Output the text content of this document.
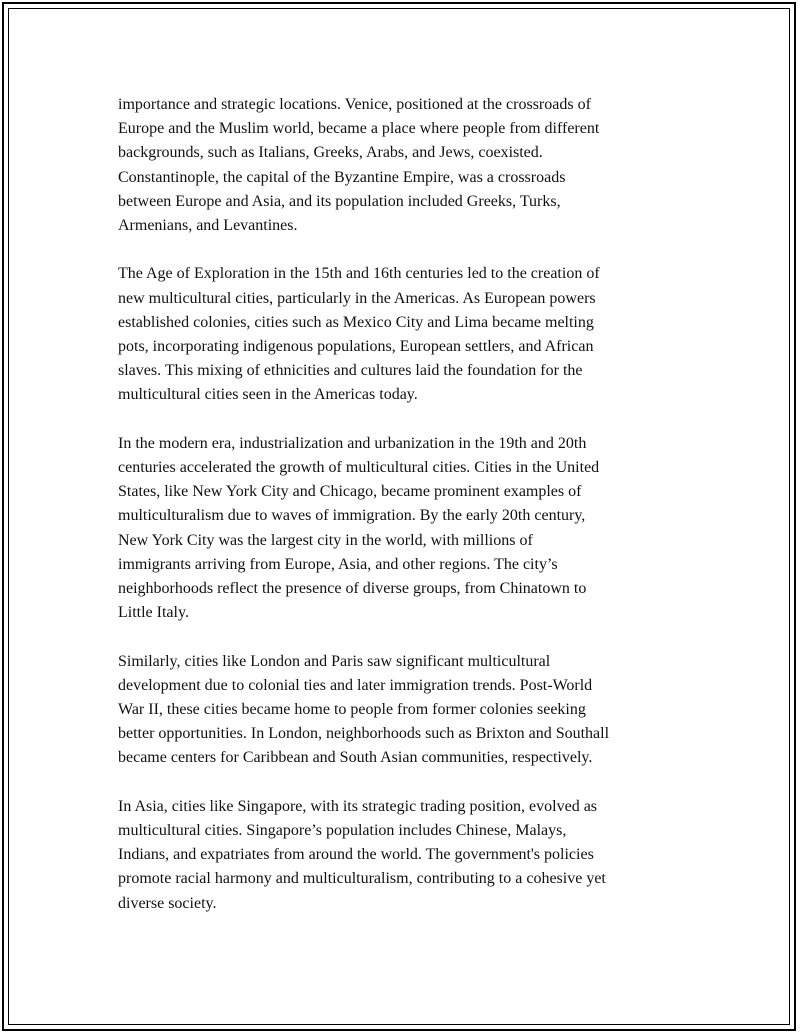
importance and strategic locations. Venice, positioned at the crossroads of
Europe and the Muslim world, became a place where people from different
backgrounds, such as Italians, Greeks, Arabs, and Jews, coexisted.
Constantinople, the capital of the Byzantine Empire, was a crossroads
between Europe and Asia, and its population included Greeks, Turks,
Armenians, and Levantines.

The Age of Exploration in the 15th and 16th centuries led to the creation of
new multicultural cities, particularly in the Americas. As European powers
established colonies, cities such as Mexico City and Lima became melting
pots, incorporating indigenous populations, European settlers, and African
slaves. This mixing of ethnicities and cultures laid the foundation for the
multicultural cities seen in the Americas today.

In the modern era, industrialization and urbanization in the 19th and 20th
centuries accelerated the growth of multicultural cities. Cities in the United
States, like New York City and Chicago, became prominent examples of
multiculturalism due to waves of immigration. By the early 20th century,
New York City was the largest city in the world, with millions of
immigrants arriving from Europe, Asia, and other regions. The city’s
neighborhoods reflect the presence of diverse groups, from Chinatown to
Little Italy.

Similarly, cities like London and Paris saw significant multicultural
development due to colonial ties and later immigration trends. Post-World
War II, these cities became home to people from former colonies seeking
better opportunities. In London, neighborhoods such as Brixton and Southall
became centers for Caribbean and South Asian communities, respectively.

In Asia, cities like Singapore, with its strategic trading position, evolved as
multicultural cities. Singapore’s population includes Chinese, Malays,
Indians, and expatriates from around the world. The government's policies
promote racial harmony and multiculturalism, contributing to a cohesive yet
diverse society.
